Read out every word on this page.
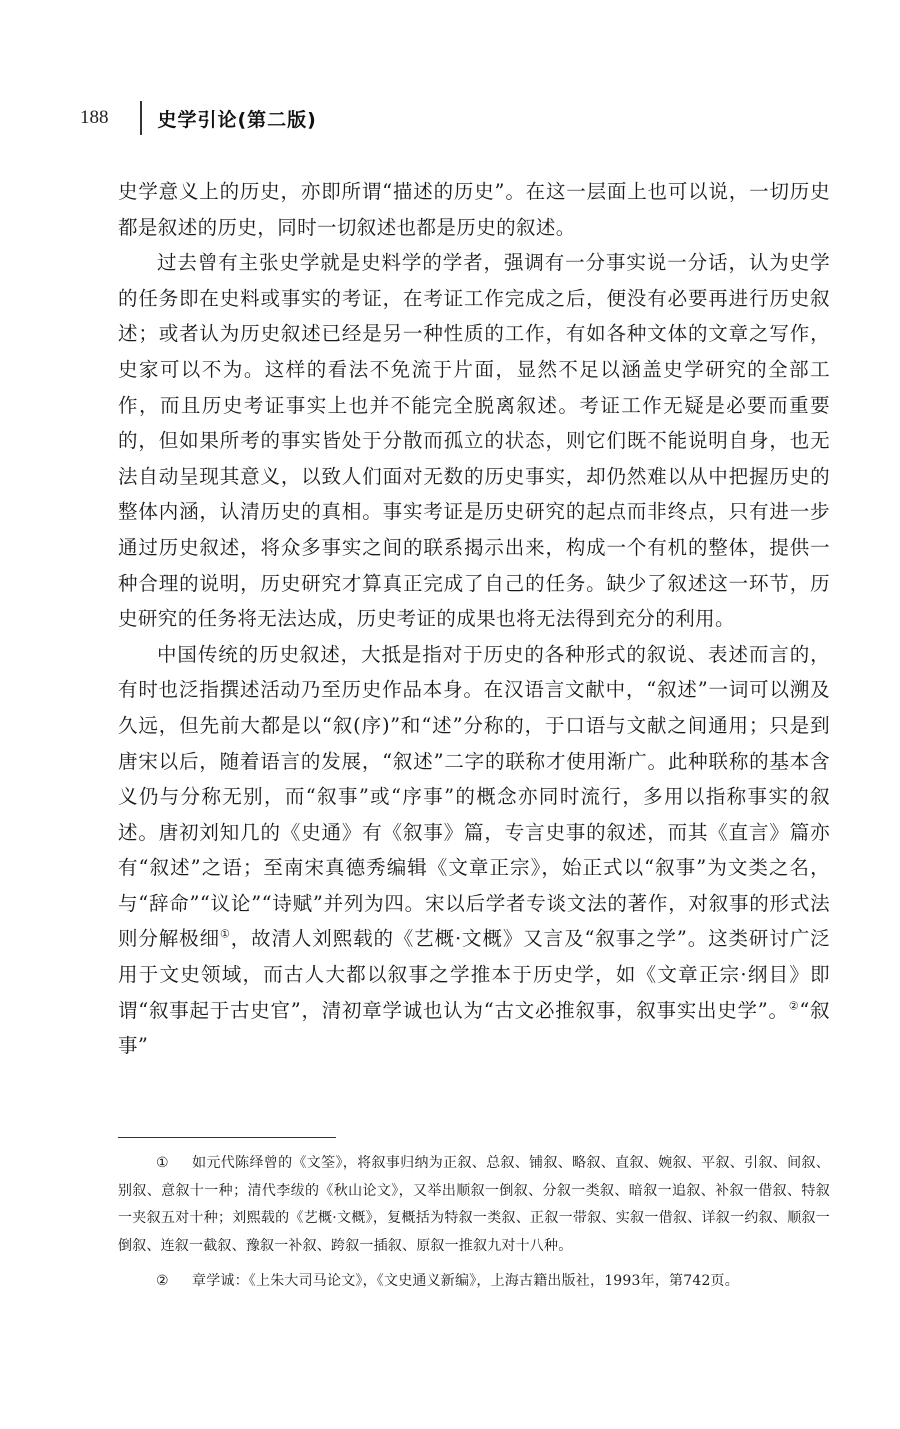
188	史学引论(第二版)

史学意义上的历史，亦即所谓“描述的历史”。在这一层面上也可以说，一切历史都是叙述的历史，同时一切叙述也都是历史的叙述。

过去曾有主张史学就是史料学的学者，强调有一分事实说一分话，认为史学的任务即在史料或事实的考证，在考证工作完成之后，便没有必要再进行历史叙述；或者认为历史叙述已经是另一种性质的工作，有如各种文体的文章之写作，史家可以不为。这样的看法不免流于片面，显然不足以涵盖史学研究的全部工作，而且历史考证事实上也并不能完全脱离叙述。考证工作无疑是必要而重要的，但如果所考的事实皆处于分散而孤立的状态，则它们既不能说明自身，也无法自动呈现其意义，以致人们面对无数的历史事实，却仍然难以从中把握历史的整体内涵，认清历史的真相。事实考证是历史研究的起点而非终点，只有进一步通过历史叙述，将众多事实之间的联系揭示出来，构成一个有机的整体，提供一种合理的说明，历史研究才算真正完成了自己的任务。缺少了叙述这一环节，历史研究的任务将无法达成，历史考证的成果也将无法得到充分的利用。

中国传统的历史叙述，大抵是指对于历史的各种形式的叙说、表述而言的，有时也泛指撰述活动乃至历史作品本身。在汉语言文献中，“叙述”一词可以溯及久远，但先前大都是以“叙(序)”和“述”分称的，于口语与文献之间通用；只是到唐宋以后，随着语言的发展，“叙述”二字的联称才使用渐广。此种联称的基本含义仍与分称无别，而“叙事”或“序事”的概念亦同时流行，多用以指称事实的叙述。唐初刘知几的《史通》有《叙事》篇，专言史事的叙述，而其《直言》篇亦有“叙述”之语；至南宋真德秀编辑《文章正宗》，始正式以“叙事”为文类之名，与“辞命”“议论”“诗赋”并列为四。宋以后学者专谈文法的著作，对叙事的形式法则分解极细①，故清人刘熙载的《艺概·文概》又言及“叙事之学”。这类研讨广泛用于文史领域，而古人大都以叙事之学推本于历史学，如《文章正宗·纲目》即谓“叙事起于古史官”，清初章学诚也认为“古文必推叙事，叙事实出史学”。②“叙事”

① 如元代陈绎曾的《文筌》，将叙事归纳为正叙、总叙、铺叙、略叙、直叙、婉叙、平叙、引叙、间叙、别叙、意叙十一种；清代李绂的《秋山论文》，又举出顺叙一倒叙、分叙一类叙、暗叙一追叙、补叙一借叙、特叙一夹叙五对十种；刘熙载的《艺概·文概》，复概括为特叙一类叙、正叙一带叙、实叙一借叙、详叙一约叙、顺叙一倒叙、连叙一截叙、豫叙一补叙、跨叙一插叙、原叙一推叙九对十八种。

② 章学诚：《上朱大司马论文》，《文史通义新编》，上海古籍出版社，1993年，第742页。
